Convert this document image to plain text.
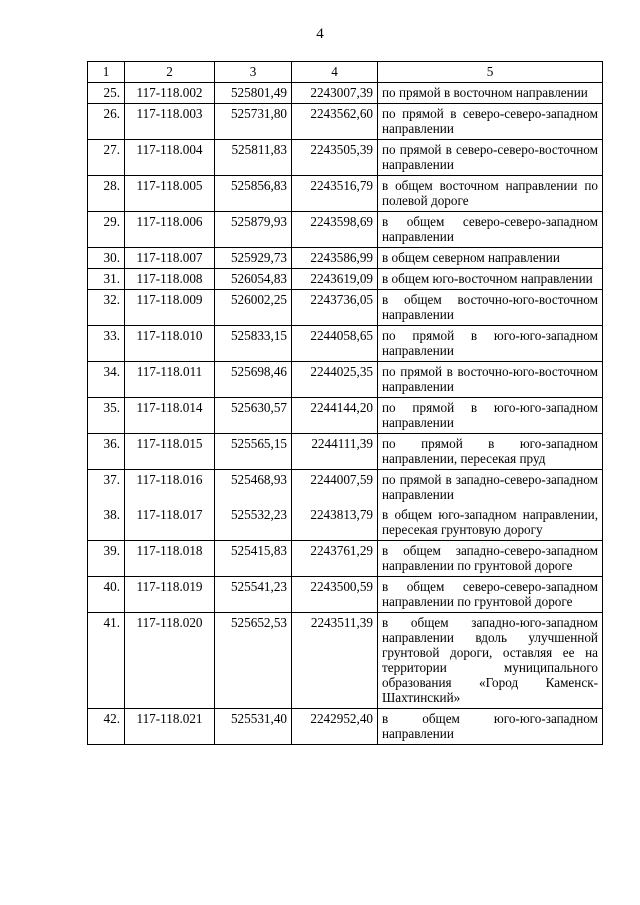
4
1	2	3	4	5
25.	117-118.002	525801,49	2243007,39	по прямой в восточном направлении
26.	117-118.003	525731,80	2243562,60	по прямой в северо-северо-западном направлении
27.	117-118.004	525811,83	2243505,39	по прямой в северо-северо-восточном направлении
28.	117-118.005	525856,83	2243516,79	в общем восточном направлении по полевой дороге
29.	117-118.006	525879,93	2243598,69	в общем северо-северо-западном направлении
30.	117-118.007	525929,73	2243586,99	в общем северном направлении
31.	117-118.008	526054,83	2243619,09	в общем юго-восточном направлении
32.	117-118.009	526002,25	2243736,05	в общем восточно-юго-восточном направлении
33.	117-118.010	525833,15	2244058,65	по прямой в юго-юго-западном направлении
34.	117-118.011	525698,46	2244025,35	по прямой в восточно-юго-восточном направлении
35.	117-118.014	525630,57	2244144,20	по прямой в юго-юго-западном направлении
36.	117-118.015	525565,15	2244111,39	по прямой в юго-западном направлении, пересекая пруд
37.	117-118.016	525468,93	2244007,59	по прямой в западно-северо-западном направлении
38.	117-118.017	525532,23	2243813,79	в общем юго-западном направлении, пересекая грунтовую дорогу
39.	117-118.018	525415,83	2243761,29	в общем западно-северо-западном направлении по грунтовой дороге
40.	117-118.019	525541,23	2243500,59	в общем северо-северо-западном направлении по грунтовой дороге
41.	117-118.020	525652,53	2243511,39	в общем западно-юго-западном направлении вдоль улучшенной грунтовой дороги, оставляя ее на территории муниципального образования «Город Каменск-Шахтинский»
42.	117-118.021	525531,40	2242952,40	в общем юго-юго-западном направлении
